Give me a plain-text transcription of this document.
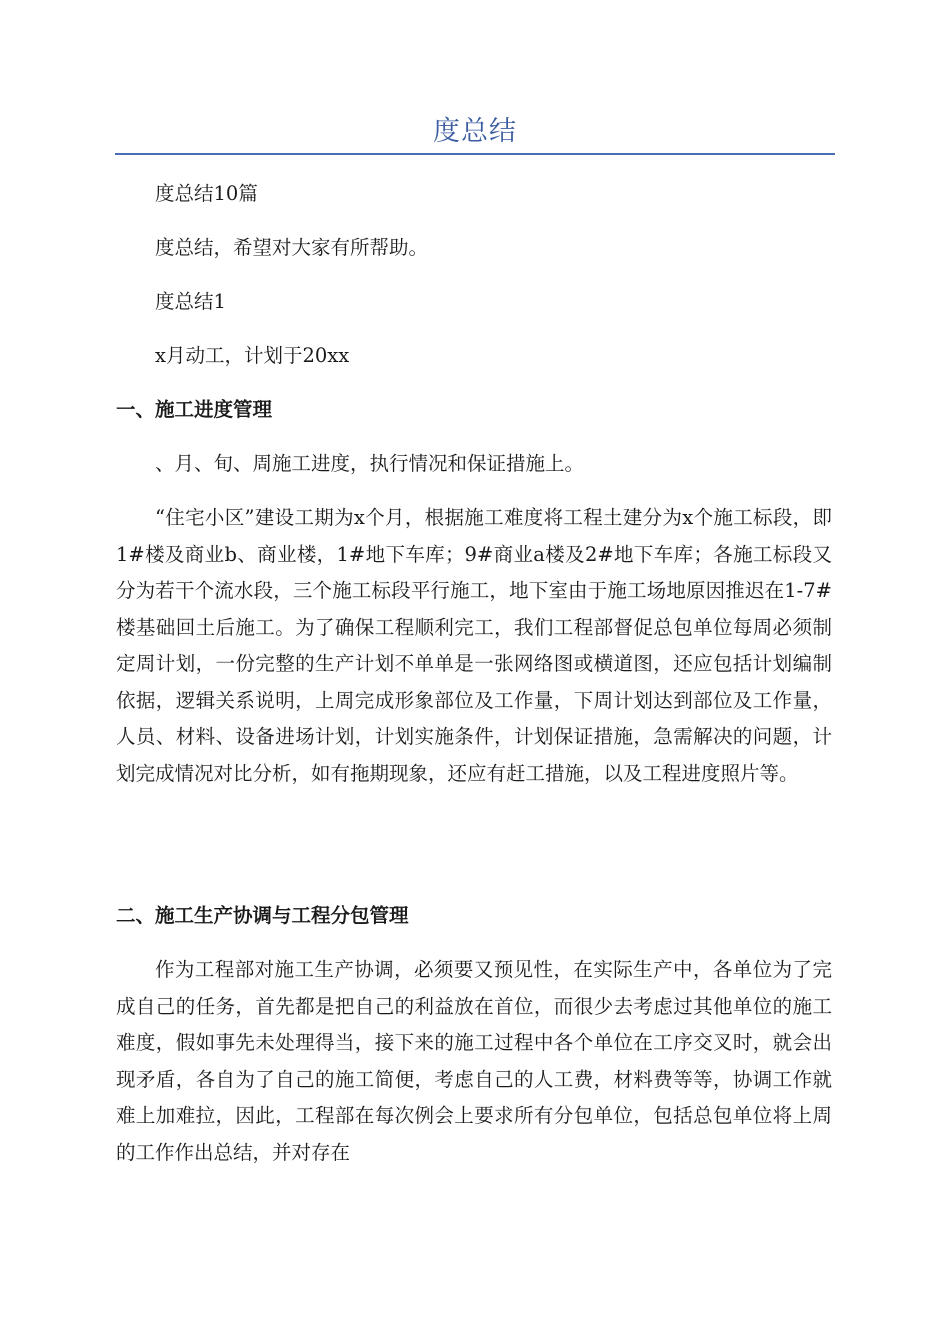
度总结

度总结10篇

度总结，希望对大家有所帮助。

度总结1

x月动工，计划于20xx

一、施工进度管理

、月、旬、周施工进度，执行情况和保证措施上。

“住宅小区”建设工期为x个月，根据施工难度将工程土建分为x个施工标段，即1#楼及商业b、商业楼，1#地下车库；9#商业a楼及2#地下车库；各施工标段又分为若干个流水段，三个施工标段平行施工，地下室由于施工场地原因推迟在1-7#楼基础回土后施工。为了确保工程顺利完工，我们工程部督促总包单位每周必须制定周计划，一份完整的生产计划不单单是一张网络图或横道图，还应包括计划编制依据，逻辑关系说明，上周完成形象部位及工作量，下周计划达到部位及工作量，人员、材料、设备进场计划，计划实施条件，计划保证措施，急需解决的问题，计划完成情况对比分析，如有拖期现象，还应有赶工措施，以及工程进度照片等。

二、施工生产协调与工程分包管理

作为工程部对施工生产协调，必须要又预见性，在实际生产中，各单位为了完成自己的任务，首先都是把自己的利益放在首位，而很少去考虑过其他单位的施工难度，假如事先未处理得当，接下来的施工过程中各个单位在工序交叉时，就会出现矛盾，各自为了自己的施工简便，考虑自己的人工费，材料费等等，协调工作就难上加难拉，因此，工程部在每次例会上要求所有分包单位，包括总包单位将上周的工作作出总结，并对存在
